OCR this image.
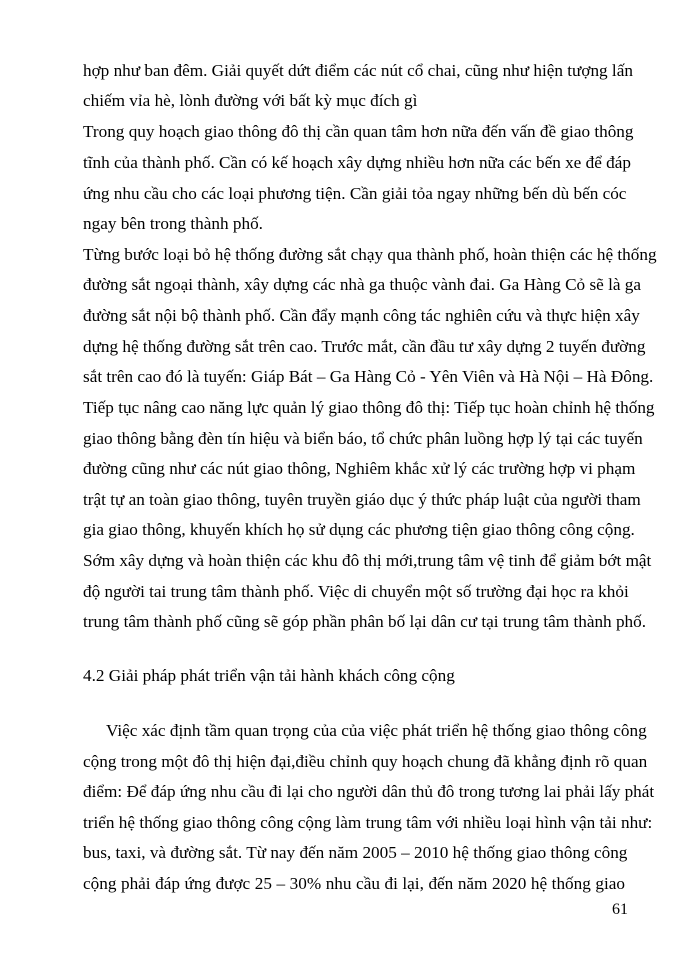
hợp như ban đêm. Giải quyết dứt điểm các nút cổ chai, cũng như hiện tượng lấn

chiếm vỉa hè, lònh đường với bất kỳ mục đích gì

Trong quy hoạch giao thông đô thị cần quan tâm hơn nữa đến vấn đề giao thông

tĩnh của thành phố. Cần có kế hoạch xây dựng nhiều hơn nữa các bến xe để đáp

ứng nhu cầu cho các loại phương tiện. Cần giải tỏa ngay những bến dù bến cóc

ngay bên trong thành phố.

Từng bước loại bỏ hệ thống đường sắt chạy qua thành phố, hoàn thiện các hệ thống

đường sắt ngoại thành, xây dựng các nhà ga thuộc vành đai. Ga Hàng Cỏ sẽ là ga

đường sắt nội bộ thành phố. Cần đẩy mạnh công tác nghiên cứu và thực hiện xây

dựng hệ thống đường sắt trên cao. Trước mắt, cần đầu tư xây dựng 2 tuyến đường

sắt trên cao đó là tuyến: Giáp Bát – Ga Hàng Cỏ - Yên Viên và Hà Nội – Hà Đông.

Tiếp tục nâng cao năng lực quản lý giao thông đô thị: Tiếp tục hoàn chỉnh hệ thống

giao thông bằng đèn tín hiệu và biển báo, tổ chức phân luồng hợp lý tại các tuyến

đường cũng như các nút giao thông, Nghiêm khắc xử lý các trường hợp vi phạm

trật tự an toàn giao thông, tuyên truyền giáo dục ý thức pháp luật của người tham

gia giao thông, khuyến khích họ sử dụng các phương tiện giao thông công cộng.

Sớm xây dựng và hoàn thiện các khu đô thị mới,trung tâm vệ tinh để giảm bớt mật

độ người tai trung tâm thành phố. Việc di chuyển một số trường đại học ra khỏi

trung tâm thành phố cũng sẽ góp phần phân bố lại dân cư tại trung tâm thành phố.

4.2 Giải pháp phát triển vận tải hành khách công cộng

Việc xác định tầm quan trọng của của việc phát triển hệ thống giao thông công

cộng trong một đô thị hiện đại,điều chỉnh quy hoạch chung đã khẳng định rõ quan

điểm: Để đáp ứng nhu cầu đi lại cho người dân thủ đô trong tương lai phải lấy phát

triển hệ thống giao thông công cộng làm trung tâm với nhiều loại hình vận tải như:

bus, taxi, và đường sắt. Từ nay đến năm 2005 – 2010 hệ thống giao thông công

cộng phải đáp ứng được 25 – 30% nhu cầu đi lại, đến năm 2020 hệ thống giao

61
